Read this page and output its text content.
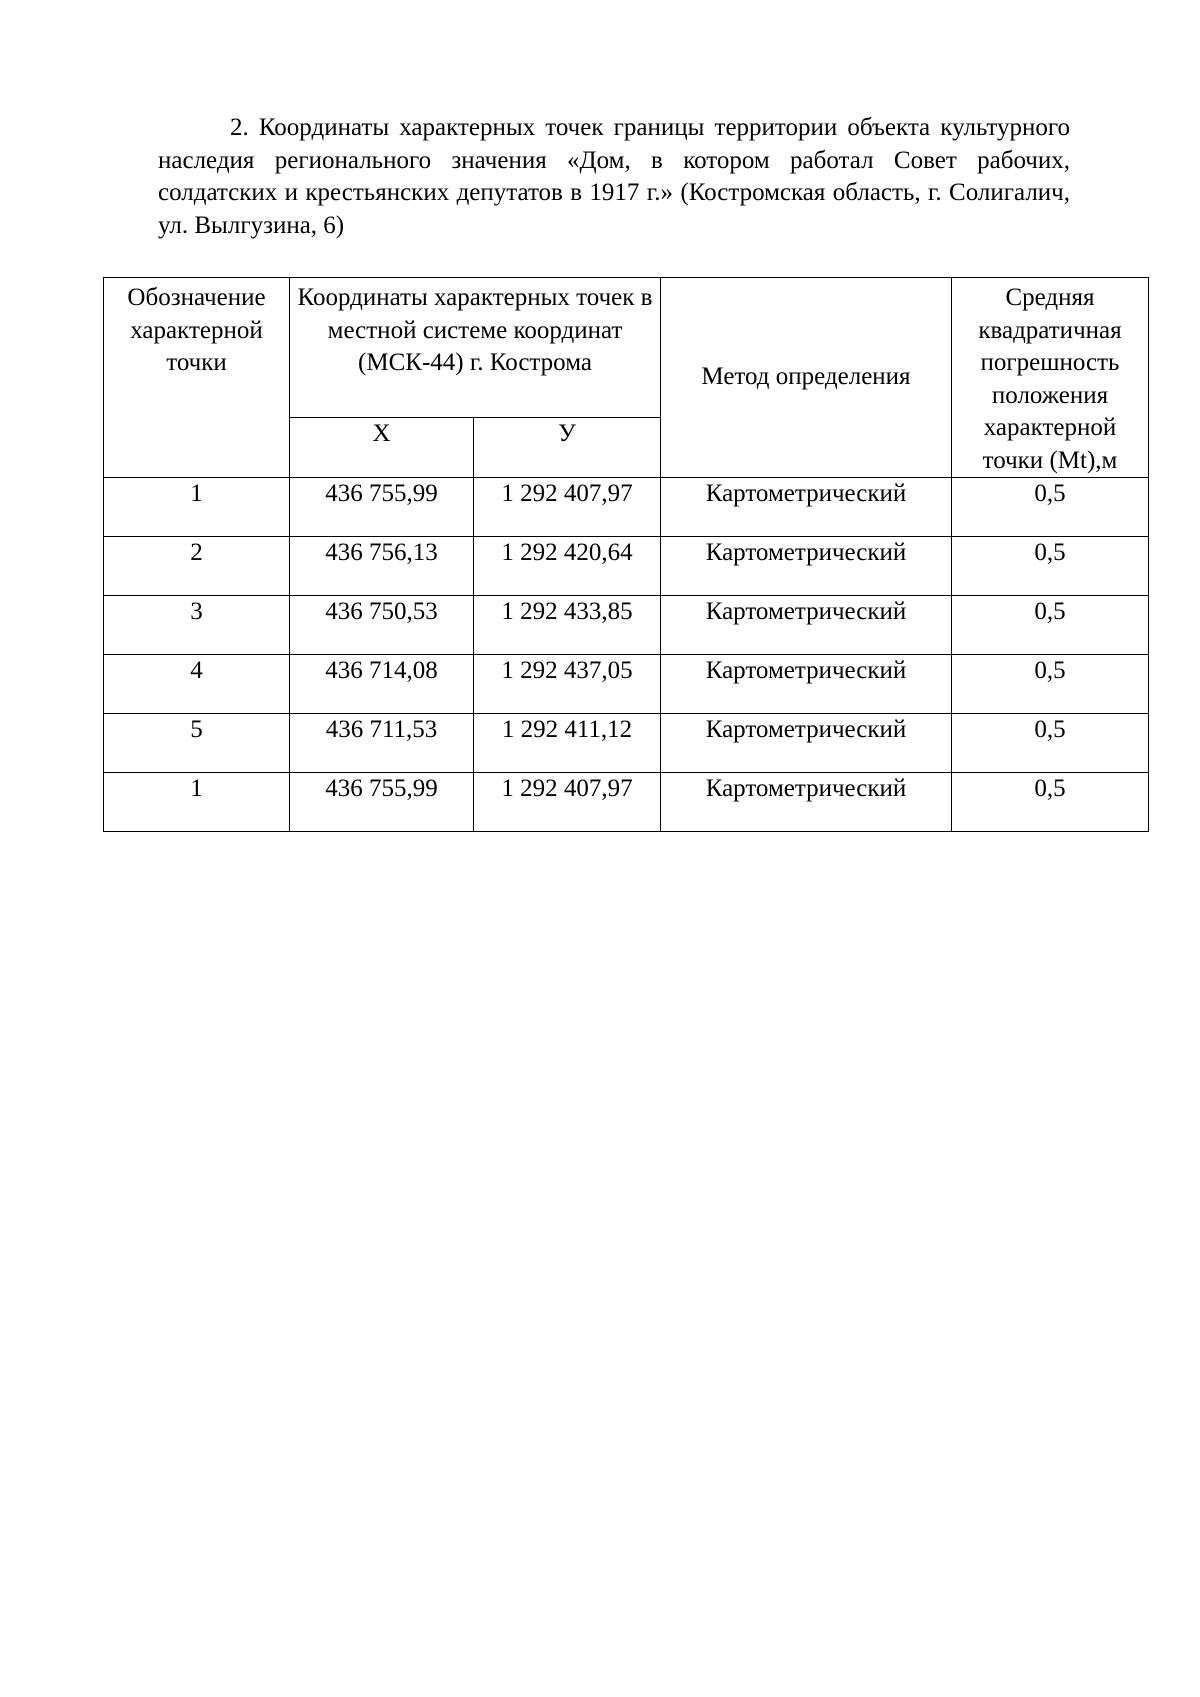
2. Координаты характерных точек границы территории объекта культурного наследия регионального значения «Дом, в котором работал Совет рабочих, солдатских и крестьянских депутатов в 1917 г.» (Костромская область, г. Солигалич, ул. Вылгузина, 6)

Обозначение характерной точки	Координаты характерных точек в местной системе координат (МСК-44) г. Кострома		Метод определения	Средняя квадратичная погрешность положения характерной точки (Мt),м
	Х	У		
1	436 755,99	1 292 407,97	Картометрический	0,5
2	436 756,13	1 292 420,64	Картометрический	0,5
3	436 750,53	1 292 433,85	Картометрический	0,5
4	436 714,08	1 292 437,05	Картометрический	0,5
5	436 711,53	1 292 411,12	Картометрический	0,5
1	436 755,99	1 292 407,97	Картометрический	0,5
